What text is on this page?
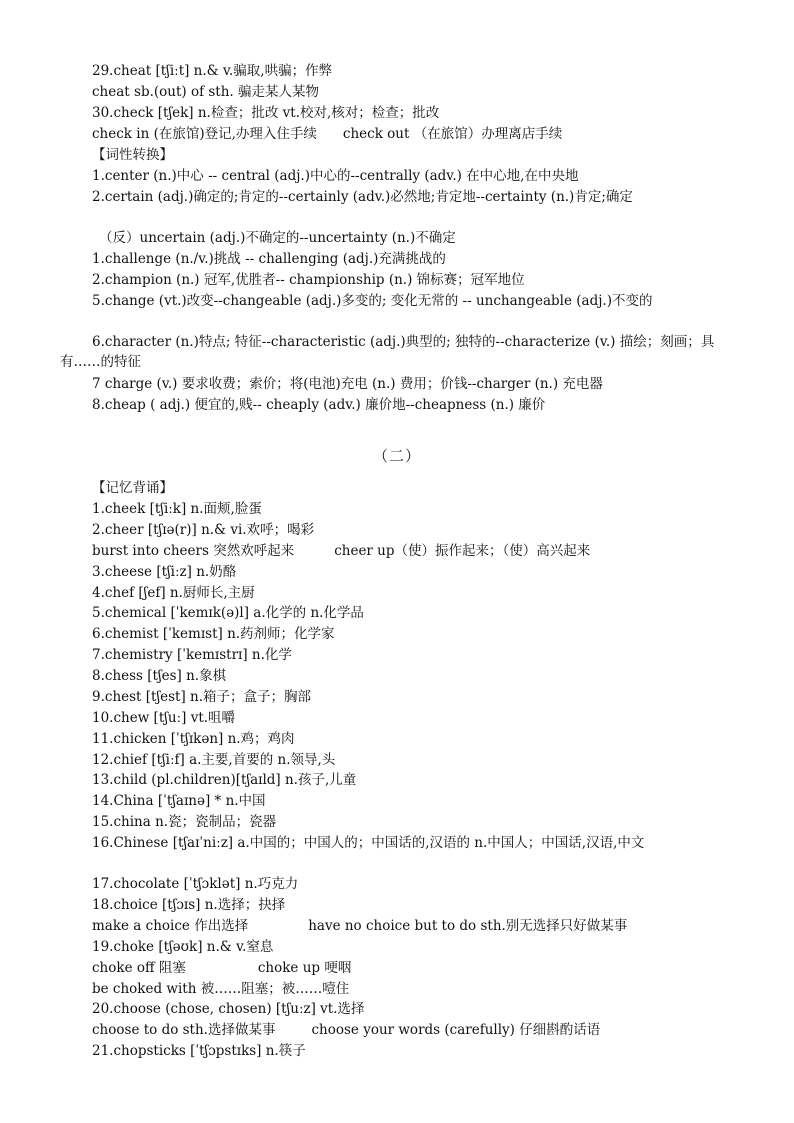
29.cheat [tʃiːt] n.& v.骗取,哄骗；作弊
cheat sb.(out) of sth. 骗走某人某物
30.check [tʃek] n.检查；批改 vt.校对,核对；检查；批改
check in (在旅馆)登记,办理入住手续 check out （在旅馆）办理离店手续
【词性转换】
1.center (n.)中心 -- central (adj.)中心的--centrally (adv.) 在中心地,在中央地
2.certain (adj.)确定的;肯定的--certainly (adv.)必然地;肯定地--certainty (n.)肯定;确定
（反）uncertain (adj.)不确定的--uncertainty (n.)不确定
1.challenge (n./v.)挑战 -- challenging (adj.)充满挑战的
2.champion (n.) 冠军,优胜者-- championship (n.) 锦标赛；冠军地位
5.change (vt.)改变--changeable (adj.)多变的; 变化无常的 -- unchangeable (adj.)不变的
6.character (n.)特点; 特征--characteristic (adj.)典型的; 独特的--characterize (v.) 描绘；刻画；具有……的特征
7 charge (v.) 要求收费；索价；将(电池)充电 (n.) 费用；价钱--charger (n.) 充电器
8.cheap ( adj.) 便宜的,贱-- cheaply (adv.) 廉价地--cheapness (n.) 廉价
（二）
【记忆背诵】
1.cheek [tʃiːk] n.面颊,脸蛋
2.cheer [tʃɪə(r)] n.& vi.欢呼；喝彩
burst into cheers 突然欢呼起来	cheer up（使）振作起来；（使）高兴起来
3.cheese [tʃiːz] n.奶酪
4.chef [ʃef] n.厨师长,主厨
5.chemical [ˈkemɪk(ə)l] a.化学的 n.化学品
6.chemist [ˈkemɪst] n.药剂师；化学家
7.chemistry [ˈkemɪstrɪ] n.化学
8.chess [tʃes] n.象棋
9.chest [tʃest] n.箱子；盒子；胸部
10.chew [tʃuː] vt.咀嚼
11.chicken [ˈtʃɪkən] n.鸡；鸡肉
12.chief [tʃiːf] a.主要,首要的 n.领导,头
13.child (pl.children)[tʃaɪld] n.孩子,儿童
14.China [ˈtʃaɪnə] * n.中国
15.china n.瓷；瓷制品；瓷器
16.Chinese [tʃaɪˈniːz] a.中国的；中国人的；中国话的,汉语的 n.中国人；中国话,汉语,中文
17.chocolate [ˈtʃɔklət] n.巧克力
18.choice [tʃɔɪs] n.选择；抉择
make a choice 作出选择	have no choice but to do sth.别无选择只好做某事
19.choke [tʃəʊk] n.& v.窒息
choke off 阻塞	choke up 哽咽
be choked with 被……阻塞；被……噎住
20.choose (chose, chosen) [tʃuːz] vt.选择
choose to do sth.选择做某事	choose your words (carefully) 仔细斟酌话语
21.chopsticks [ˈtʃɔpstɪks] n.筷子
